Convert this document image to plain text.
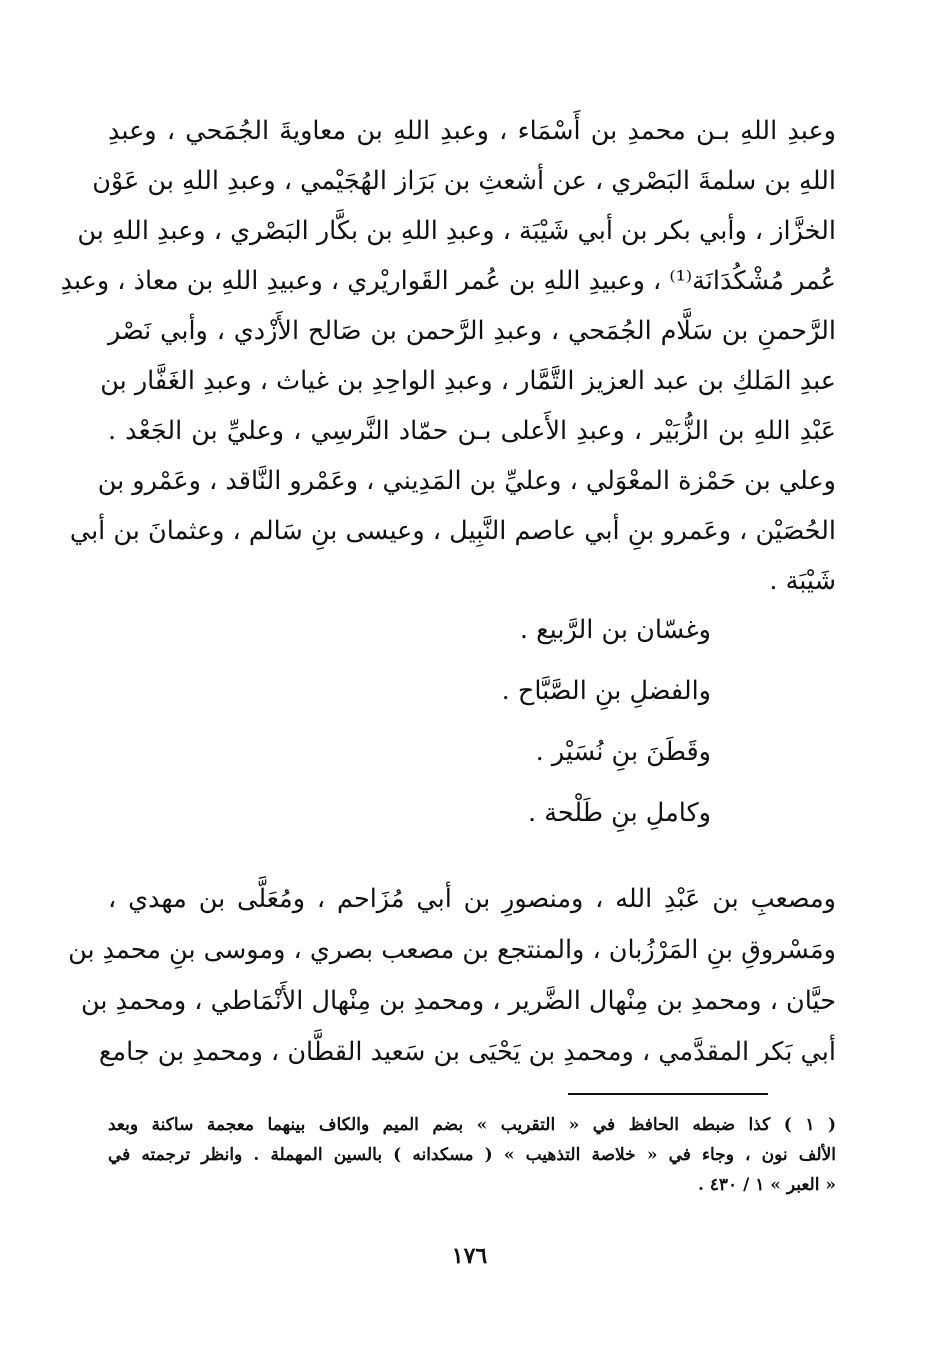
وعبدِ اللهِ بـن محمدِ بن أَسْمَاء ، وعبدِ اللهِ بن معاويةَ الجُمَحي ، وعبدِ
اللهِ بن سلمةَ البَصْري ، عن أشعثِ بن بَرَاز الهُجَيْمي ، وعبدِ اللهِ بن عَوْن
الخزَّاز ، وأبي بكر بن أبي شَيْبَة ، وعبدِ اللهِ بن بكَّار البَصْري ، وعبدِ اللهِ بن
عُمر مُشْكُدَانَة⁽¹⁾ ، وعبيدِ اللهِ بن عُمر القَواريْري ، وعبيدِ اللهِ بن معاذ ، وعبدِ
الرَّحمنِ بن سَلَّام الجُمَحي ، وعبدِ الرَّحمن بن صَالح الأَزْدي ، وأبي نَصْر
عبدِ المَلكِ بن عبد العزيز التَّمَّار ، وعبدِ الواحِدِ بن غياث ، وعبدِ الغَفَّار بن
عَبْدِ اللهِ بن الزُّبَيْر ، وعبدِ الأَعلى بـن حمّاد النَّرسِي ، وعليِّ بن الجَعْد .
وعلي بن حَمْزة المعْوَلي ، وعليِّ بن المَدِيني ، وعَمْرو النَّاقد ، وعَمْرو بن
الحُصَيْن ، وعَمرو بنِ أبي عاصم النَّبِيل ، وعيسى بنِ سَالم ، وعثمانَ بن أبي
شَيْبَة .
وغسّان بن الرَّبيع .
والفضلِ بنِ الصَّبَّاح .
وقَطَنَ بنِ نُسَيْر .
وكاملِ بنِ طَلْحة .
ومصعبِ بن عَبْدِ الله ، ومنصورِ بن أبي مُزَاحم ، ومُعَلَّى بن مهدي ،
ومَسْروقِ بنِ المَرْزُبان ، والمنتجع بن مصعب بصري ، وموسى بنِ محمدِ بن
حيَّان ، ومحمدِ بن مِنْهال الضَّرير ، ومحمدِ بن مِنْهال الأَنْمَاطي ، ومحمدِ بن
أبي بَكر المقدَّمي ، ومحمدِ بن يَحْيَى بن سَعيد القطَّان ، ومحمدِ بن جامع
( ١ ) كذا ضبطه الحافظ في « التقريب » بضم الميم والكاف بينهما معجمة ساكنة وبعد
الألف نون ، وجاء في « خلاصة التذهيب » ( مسكدانه ) بالسين المهملة . وانظر ترجمته في
« العبر » ١ / ٤٣٠ .
١٧٦
